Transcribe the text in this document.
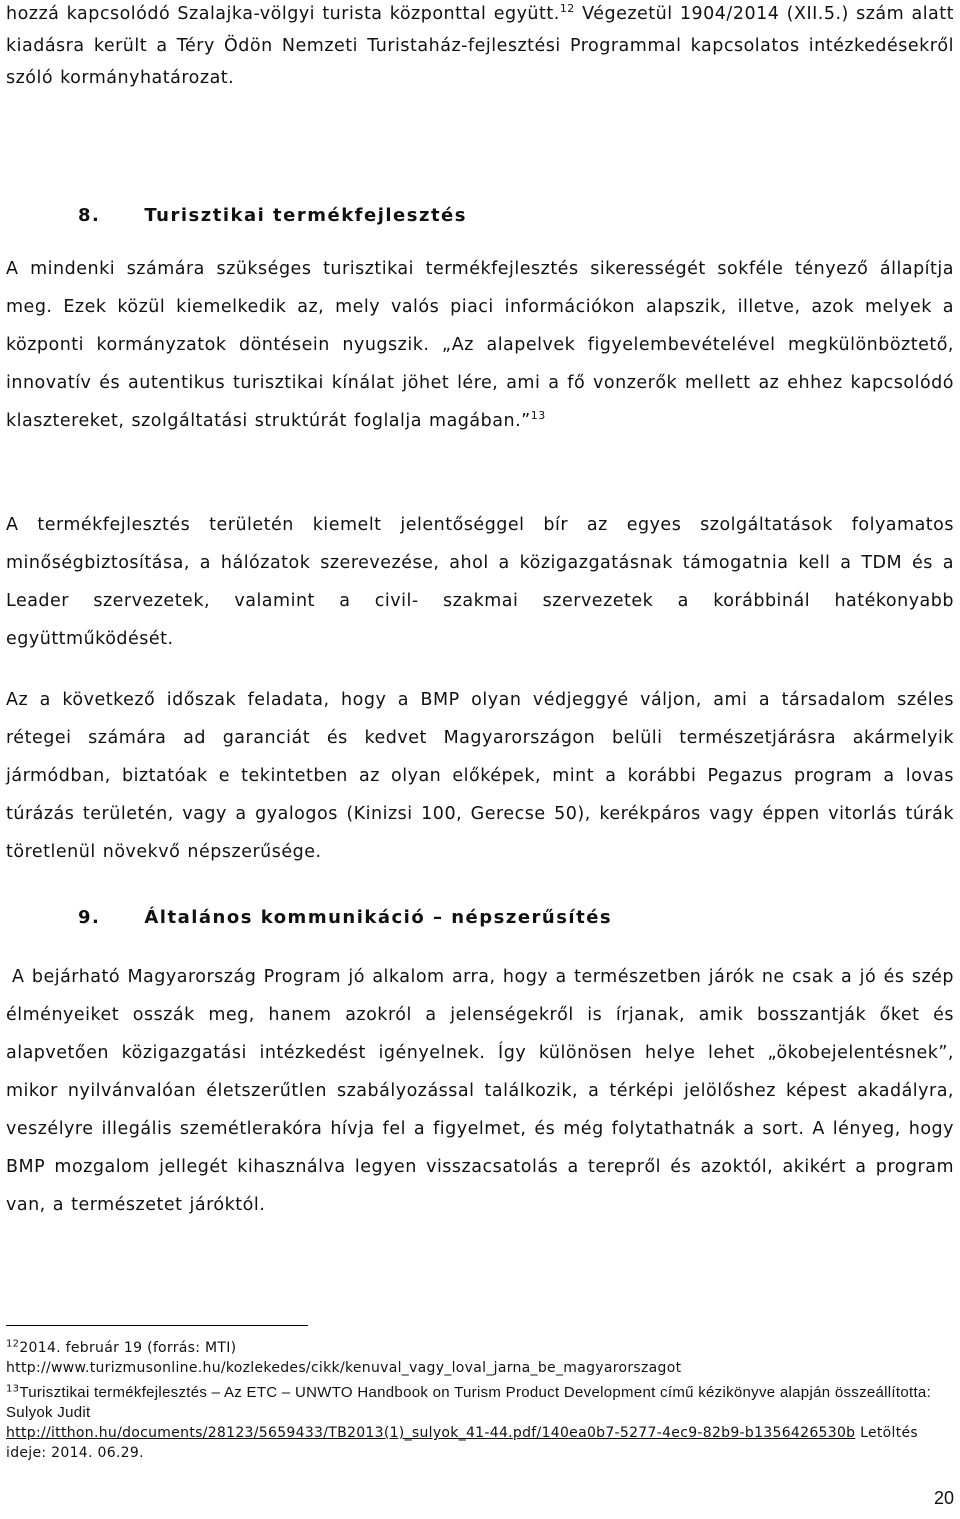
hozzá kapcsolódó Szalajka-völgyi turista központtal együtt.$^{12}$ Végezetül 1904/2014 (XII.5.) szám alatt kiadásra került a Téry Ödön Nemzeti Turistaház-fejlesztési Programmal kapcsolatos intézkedésekről szóló kormányhatározat.

8. Turisztikai termékfejlesztés

A mindenki számára szükséges turisztikai termékfejlesztés sikerességét sokféle tényező állapítja meg. Ezek közül kiemelkedik az, mely valós piaci információkon alapszik, illetve, azok melyek a központi kormányzatok döntésein nyugszik. „Az alapelvek figyelembevételével megkülönböztető, innovatív és autentikus turisztikai kínálat jöhet lére, ami a fő vonzerők mellett az ehhez kapcsolódó klasztereket, szolgáltatási struktúrát foglalja magában.”$^{13}$

A termékfejlesztés területén kiemelt jelentőséggel bír az egyes szolgáltatások folyamatos minőségbiztosítása, a hálózatok szerevezése, ahol a közigazgatásnak támogatnia kell a TDM és a Leader szervezetek, valamint a civil- szakmai szervezetek a korábbinál hatékonyabb együttműködését.

Az a következő időszak feladata, hogy a BMP olyan védjeggyé váljon, ami a társadalom széles rétegei számára ad garanciát és kedvet Magyarországon belüli természetjárásra akármelyik jármódban, biztatóak e tekintetben az olyan előképek, mint a korábbi Pegazus program a lovas túrázás területén, vagy a gyalogos (Kinizsi 100, Gerecse 50), kerékpáros vagy éppen vitorlás túrák töretlenül növekvő népszerűsége.

9. Általános kommunikáció – népszerűsítés

A bejárható Magyarország Program jó alkalom arra, hogy a természetben járók ne csak a jó és szép élményeiket osszák meg, hanem azokról a jelenségekről is írjanak, amik bosszantják őket és alapvetően közigazgatási intézkedést igényelnek. Így különösen helye lehet „ökobejelentésnek”, mikor nyilvánvalóan életszerűtlen szabályozással találkozik, a térképi jelölőshez képest akadályra, veszélyre illegális szemétlerakóra hívja fel a figyelmet, és még folytathatnák a sort. A lényeg, hogy BMP mozgalom jellegét kihasználva legyen visszacsatolás a terepről és azoktól, akikért a program van, a természetet járóktól.

$^{12}$2014. február 19 (forrás: MTI)
http://www.turizmusonline.hu/kozlekedes/cikk/kenuval_vagy_loval_jarna_be_magyarorszagot

$^{13}$Turisztikai termékfejlesztés – Az ETC – UNWTO Handbook on Turism Product Development című kézikönyve alapján összeállította: Sulyok Judit
http://itthon.hu/documents/28123/5659433/TB2013(1)_sulyok_41-44.pdf/140ea0b7-5277-4ec9-82b9-b1356426530b Letöltés ideje: 2014. 06.29.

20
